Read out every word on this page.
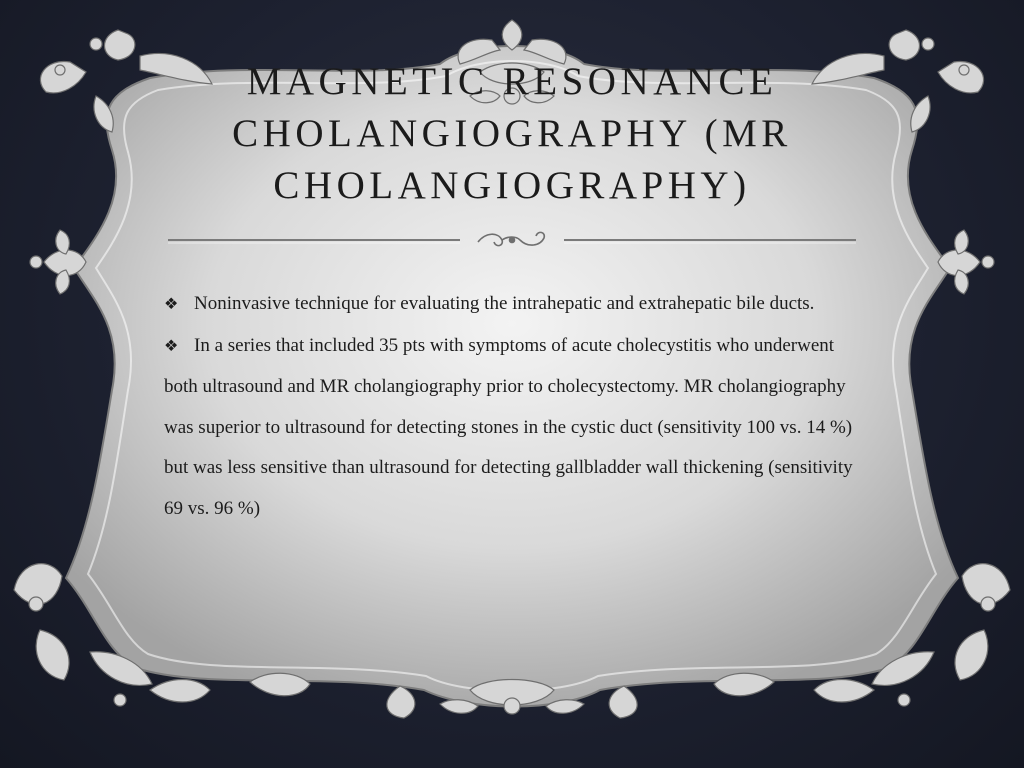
MAGNETIC RESONANCE
CHOLANGIOGRAPHY (MR
CHOLANGIOGRAPHY)

❖ Noninvasive technique for evaluating the intrahepatic and extrahepatic bile ducts.

❖ In a series that included 35 pts with symptoms of acute cholecystitis who underwent both ultrasound and MR cholangiography prior to cholecystectomy. MR cholangiography was superior to ultrasound for detecting stones in the cystic duct (sensitivity 100 vs. 14 %) but was less sensitive than ultrasound for detecting gallbladder wall thickening (sensitivity 69 vs. 96 %)
